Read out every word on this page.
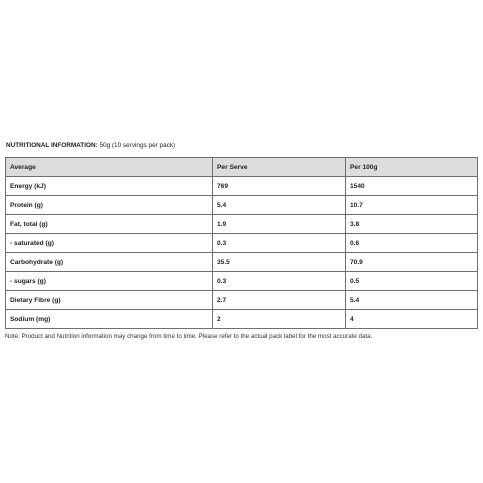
NUTRITIONAL INFORMATION: 50g (10 servings per pack)
Average	Per Serve	Per 100g
Energy (kJ)	769	1540
Protein (g)	5.4	10.7
Fat, total (g)	1.9	3.8
- saturated (g)	0.3	0.6
Carbohydrate (g)	35.5	70.9
- sugars (g)	0.3	0.5
Dietary Fibre (g)	2.7	5.4
Sodium (mg)	2	4
Note: Product and Nutrition information may change from time to time. Please refer to the actual pack label for the most accurate data.
